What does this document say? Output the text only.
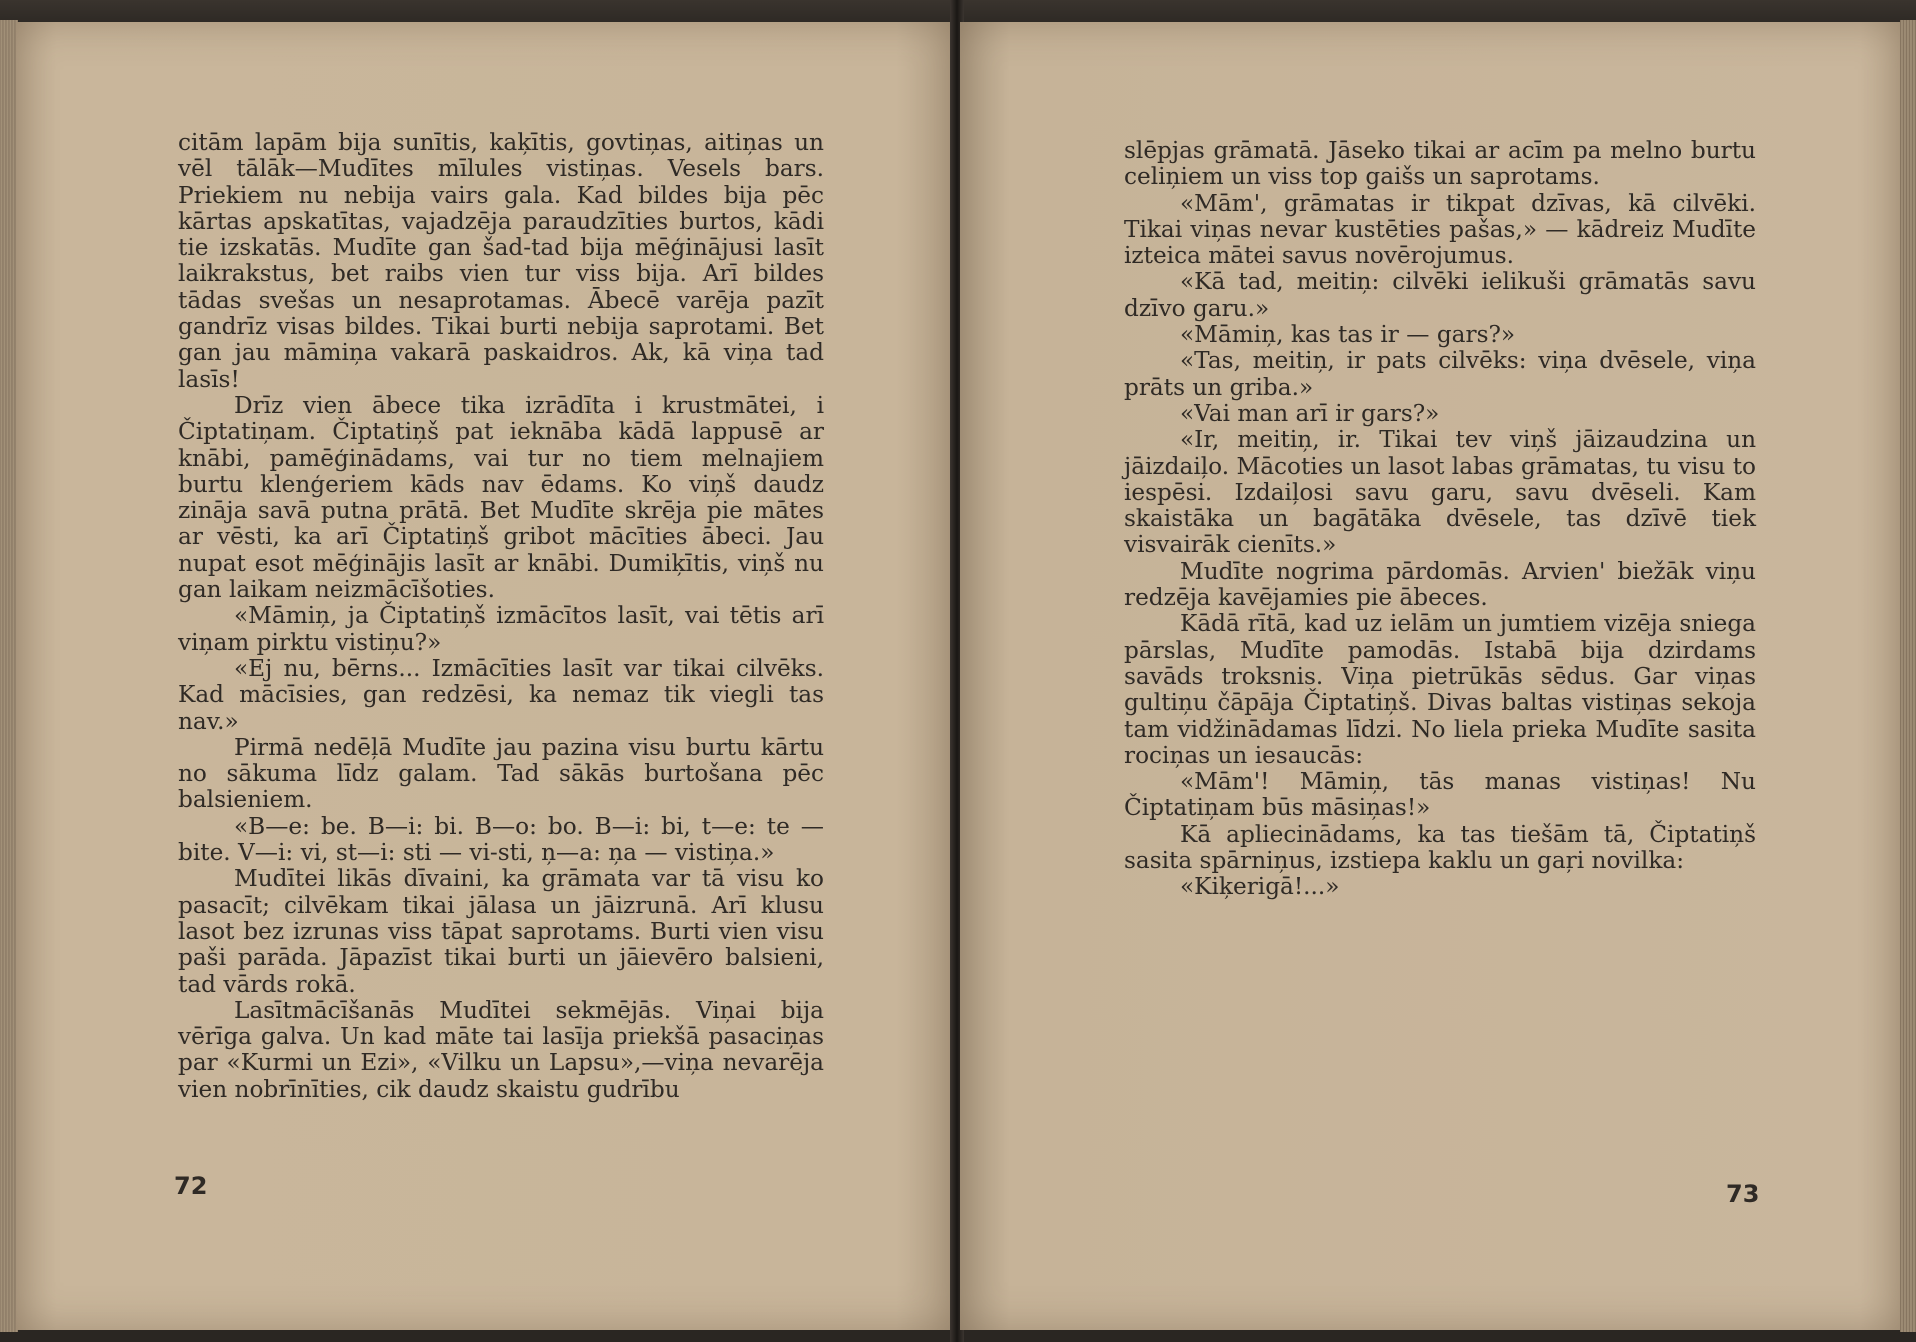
citām lapām bija sunītis, kaķītis, govtiņas, aitiņas un vēl tālāk—Mudītes mīlules vistiņas. Vesels bars. Priekiem nu nebija vairs gala. Kad bildes bija pēc kārtas apskatītas, vajadzēja paraudzīties burtos, kādi tie izskatās. Mudīte gan šad-tad bija mēģinājusi lasīt laikrakstus, bet raibs vien tur viss bija. Arī bildes tādas svešas un nesaprotamas. Ābecē varēja pazīt gandrīz visas bildes. Tikai burti nebija saprotami. Bet gan jau māmiņa vakarā paskaidros. Ak, kā viņa tad lasīs!

Drīz vien ābece tika izrādīta i krustmātei, i Čiptatiņam. Čiptatiņš pat ieknāba kādā lappusē ar knābi, pamēģinādams, vai tur no tiem melnajiem burtu klenģeriem kāds nav ēdams. Ko viņš daudz zināja savā putna prātā. Bet Mudīte skrēja pie mātes ar vēsti, ka arī Čiptatiņš gribot mācīties ābeci. Jau nupat esot mēģinājis lasīt ar knābi. Dumiķītis, viņš nu gan laikam neizmācīšoties.

«Māmiņ, ja Čiptatiņš izmācītos lasīt, vai tētis arī viņam pirktu vistiņu?»

«Ej nu, bērns... Izmācīties lasīt var tikai cilvēks. Kad mācīsies, gan redzēsi, ka nemaz tik viegli tas nav.»

Pirmā nedēļā Mudīte jau pazina visu burtu kārtu no sākuma līdz galam. Tad sākās burtošana pēc balsieniem.

«B—e: be. B—i: bi. B—o: bo. B—i: bi, t—e: te — bite. V—i: vi, st—i: sti — vi-sti, ņ—a: ņa — vistiņa.»

Mudītei likās dīvaini, ka grāmata var tā visu ko pasacīt; cilvēkam tikai jālasa un jāizrunā. Arī klusu lasot bez izrunas viss tāpat saprotams. Burti vien visu paši parāda. Jāpazīst tikai burti un jāievēro balsieni, tad vārds rokā.

Lasītmācīšanās Mudītei sekmējās. Viņai bija vērīga galva. Un kad māte tai lasīja priekšā pasaciņas par «Kurmi un Ezi», «Vilku un Lapsu»,—viņa nevarēja vien nobrīnīties, cik daudz skaistu gudrību

72

slēpjas grāmatā. Jāseko tikai ar acīm pa melno burtu celiņiem un viss top gaišs un saprotams.

«Mām', grāmatas ir tikpat dzīvas, kā cilvēki. Tikai viņas nevar kustēties pašas,» — kādreiz Mudīte izteica mātei savus novērojumus.

«Kā tad, meitiņ: cilvēki ielikuši grāmatās savu dzīvo garu.»

«Māmiņ, kas tas ir — gars?»

«Tas, meitiņ, ir pats cilvēks: viņa dvēsele, viņa prāts un griba.»

«Vai man arī ir gars?»

«Ir, meitiņ, ir. Tikai tev viņš jāizaudzina un jāizdaiļo. Mācoties un lasot labas grāmatas, tu visu to iespēsi. Izdaiļosi savu garu, savu dvēseli. Kam skaistāka un bagātāka dvēsele, tas dzīvē tiek visvairāk cienīts.»

Mudīte nogrima pārdomās. Arvien' biežāk viņu redzēja kavējamies pie ābeces.

Kādā rītā, kad uz ielām un jumtiem vizēja sniega pārslas, Mudīte pamodās. Istabā bija dzirdams savāds troksnis. Viņa pietrūkās sēdus. Gar viņas gultiņu čāpāja Čiptatiņš. Divas baltas vistiņas sekoja tam vidžinādamas līdzi. No liela prieka Mudīte sasita rociņas un iesaucās:

«Mām'! Māmiņ, tās manas vistiņas! Nu Čiptatiņam būs māsiņas!»

Kā apliecinādams, ka tas tiešām tā, Čiptatiņš sasita spārniņus, izstiepa kaklu un gaŗi novilka:

«Kiķerigā!...»

73
